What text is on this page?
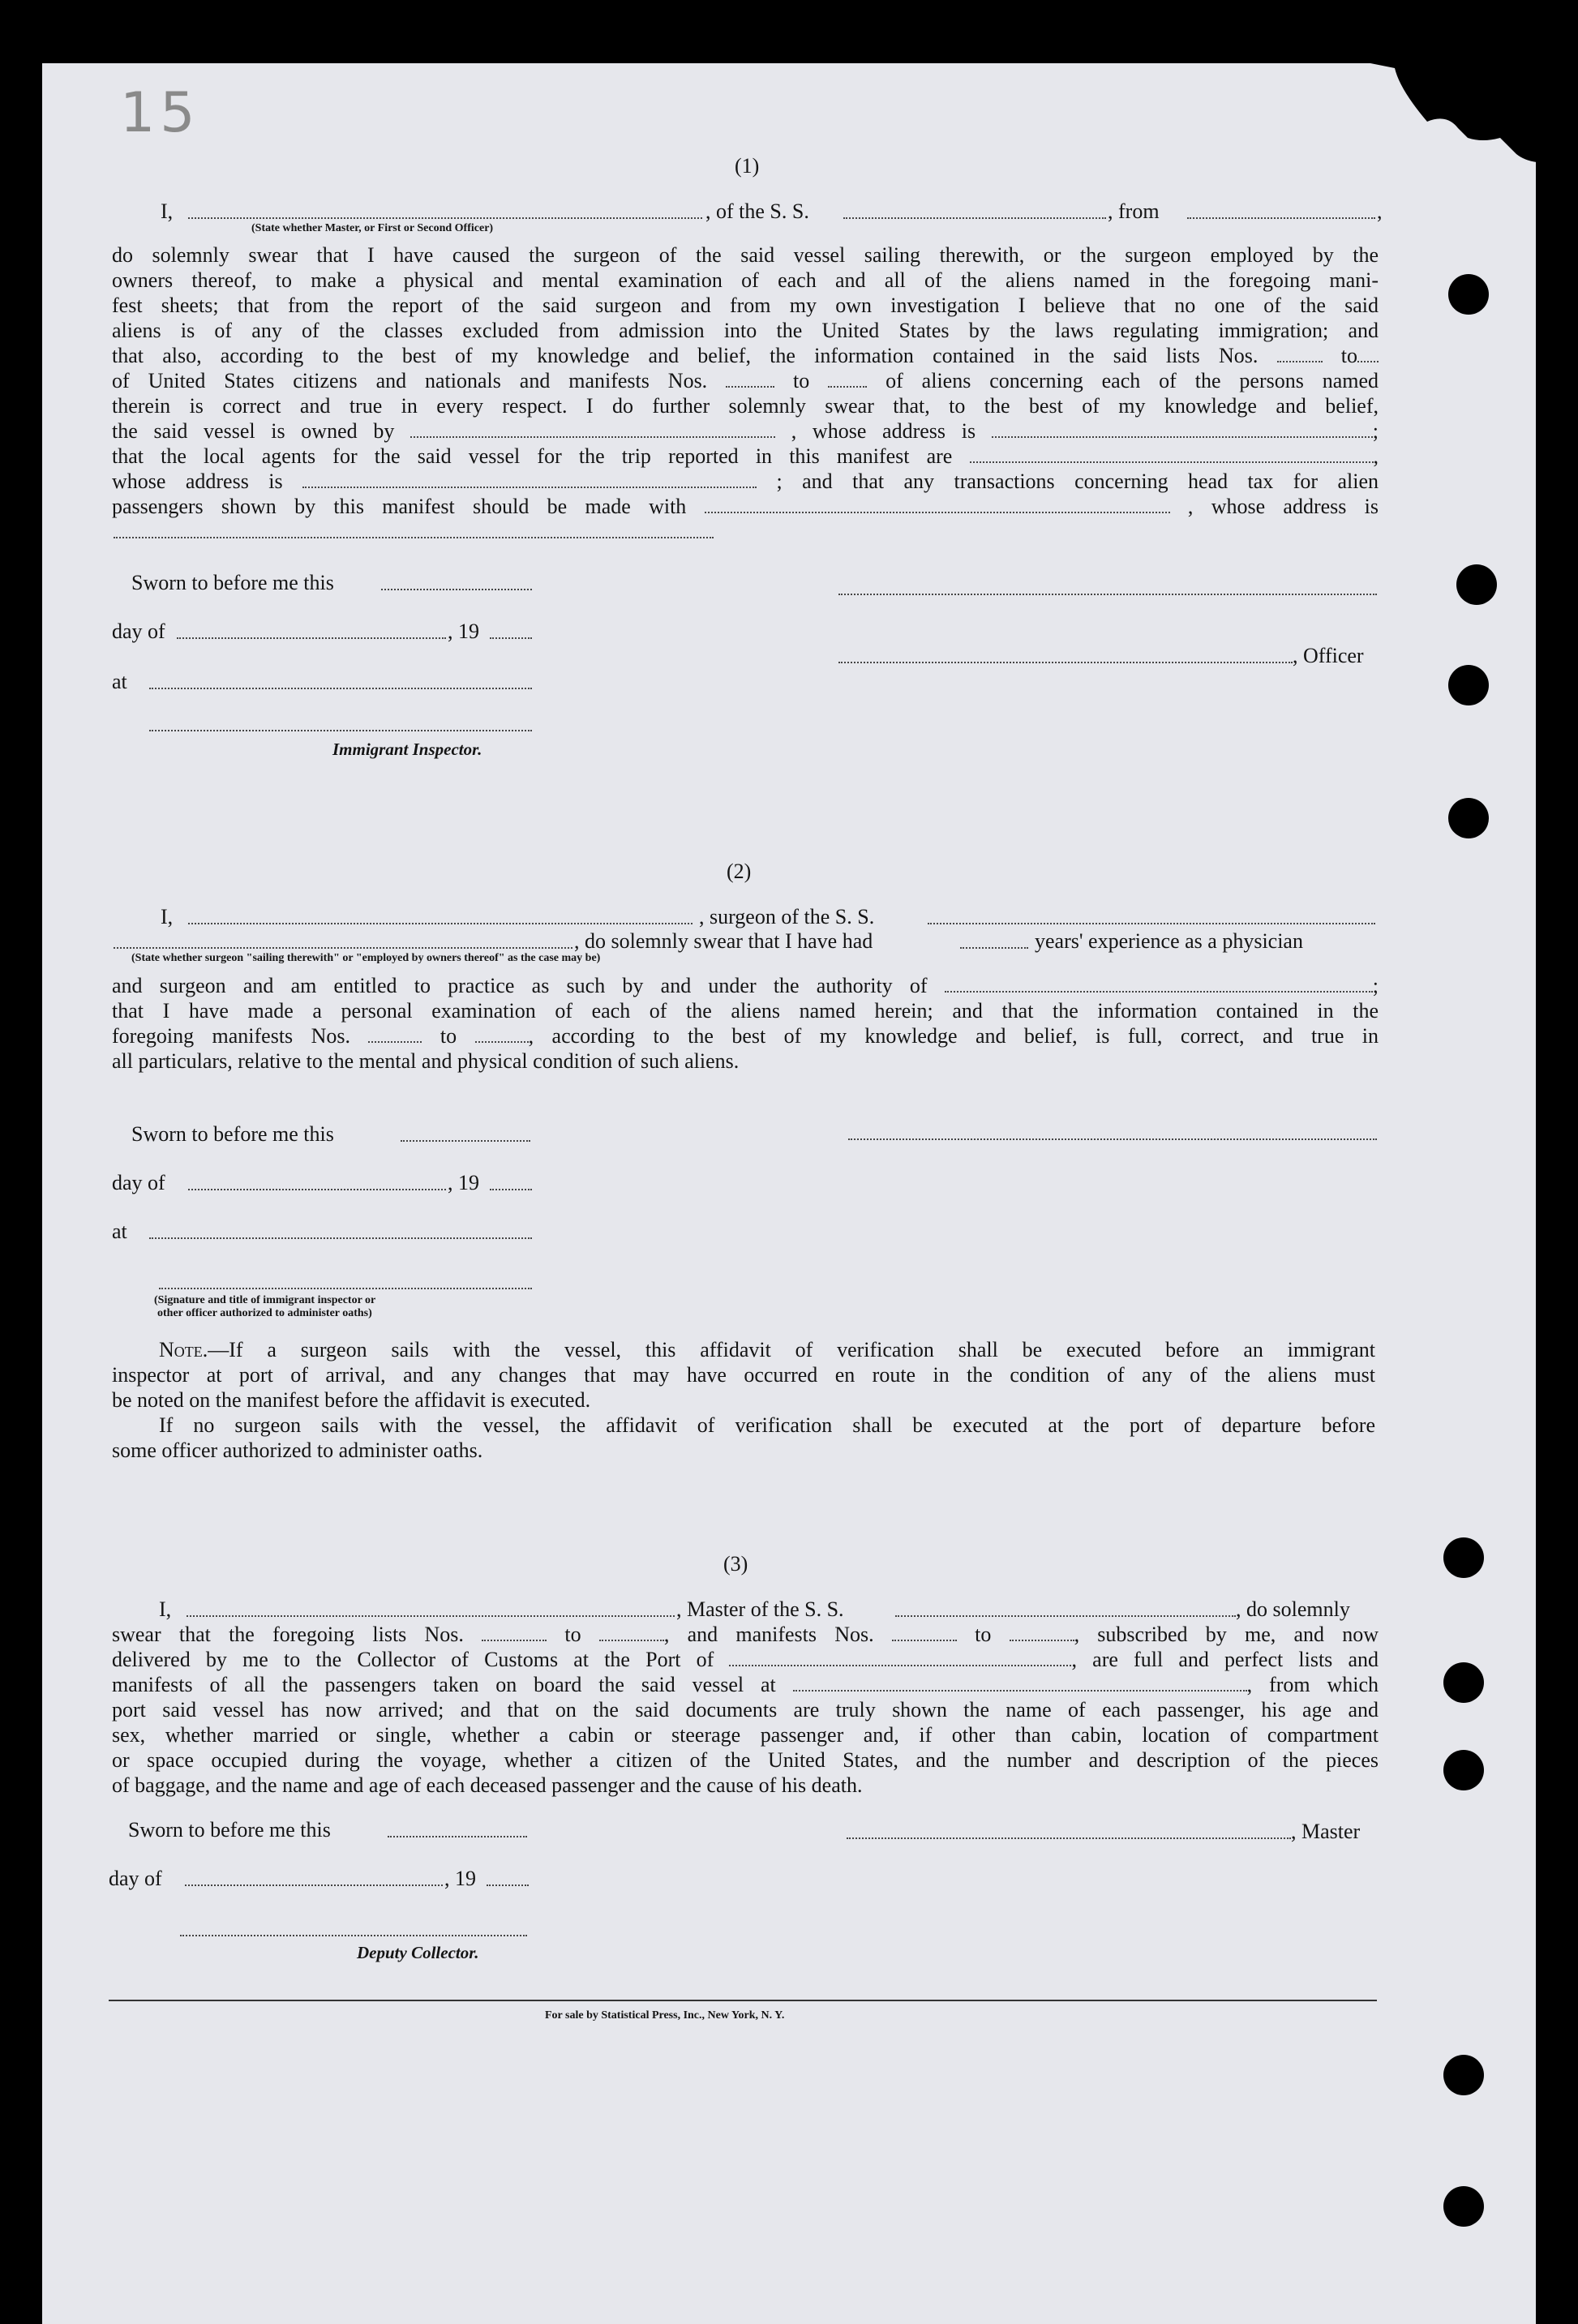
15
(1)
I,	, of the S. S.	, from	,
(State whether Master, or First or Second Officer)
do solemnly swear that I have caused the surgeon of the said vessel sailing therewith, or the surgeon employed by the
owners thereof, to make a physical and mental examination of each and all of the aliens named in the foregoing mani-
fest sheets; that from the report of the said surgeon and from my own investigation I believe that no one of the said
aliens is of any of the classes excluded from admission into the United States by the laws regulating immigration; and
that also, according to the best of my knowledge and belief, the information contained in the said lists Nos.	to
of United States citizens and nationals and manifests Nos.	to	of aliens concerning each of the persons named
therein is correct and true in every respect. I do further solemnly swear that, to the best of my knowledge and belief,
the said vessel is owned by	, whose address is	;
that the local agents for the said vessel for the trip reported in this manifest are	,
whose address is	; and that any transactions concerning head tax for alien
passengers shown by this manifest should be made with	, whose address is
Sworn to before me this
day of	, 19
at
Immigrant Inspector.
, Officer
(2)
I,	, surgeon of the S. S.
, do solemnly swear that I have had	years' experience as a physician
(State whether surgeon "sailing therewith" or "employed by owners thereof" as the case may be)
and surgeon and am entitled to practice as such by and under the authority of	;
that I have made a personal examination of each of the aliens named herein; and that the information contained in the
foregoing manifests Nos.	to	, according to the best of my knowledge and belief, is full, correct, and true in
all particulars, relative to the mental and physical condition of such aliens.
Sworn to before me this
day of	, 19
at
(Signature and title of immigrant inspector or
other officer authorized to administer oaths)
Note.—If a surgeon sails with the vessel, this affidavit of verification shall be executed before an immigrant
inspector at port of arrival, and any changes that may have occurred en route in the condition of any of the aliens must
be noted on the manifest before the affidavit is executed.
If no surgeon sails with the vessel, the affidavit of verification shall be executed at the port of departure before
some officer authorized to administer oaths.
(3)
I,	, Master of the S. S.	, do solemnly
swear that the foregoing lists Nos.	to	, and manifests Nos.	to	, subscribed by me, and now
delivered by me to the Collector of Customs at the Port of	, are full and perfect lists and
manifests of all the passengers taken on board the said vessel at	, from which
port said vessel has now arrived; and that on the said documents are truly shown the name of each passenger, his age and
sex, whether married or single, whether a cabin or steerage passenger and, if other than cabin, location of compartment
or space occupied during the voyage, whether a citizen of the United States, and the number and description of the pieces
of baggage, and the name and age of each deceased passenger and the cause of his death.
Sworn to before me this	, Master
day of	, 19
Deputy Collector.
For sale by Statistical Press, Inc., New York, N. Y.
